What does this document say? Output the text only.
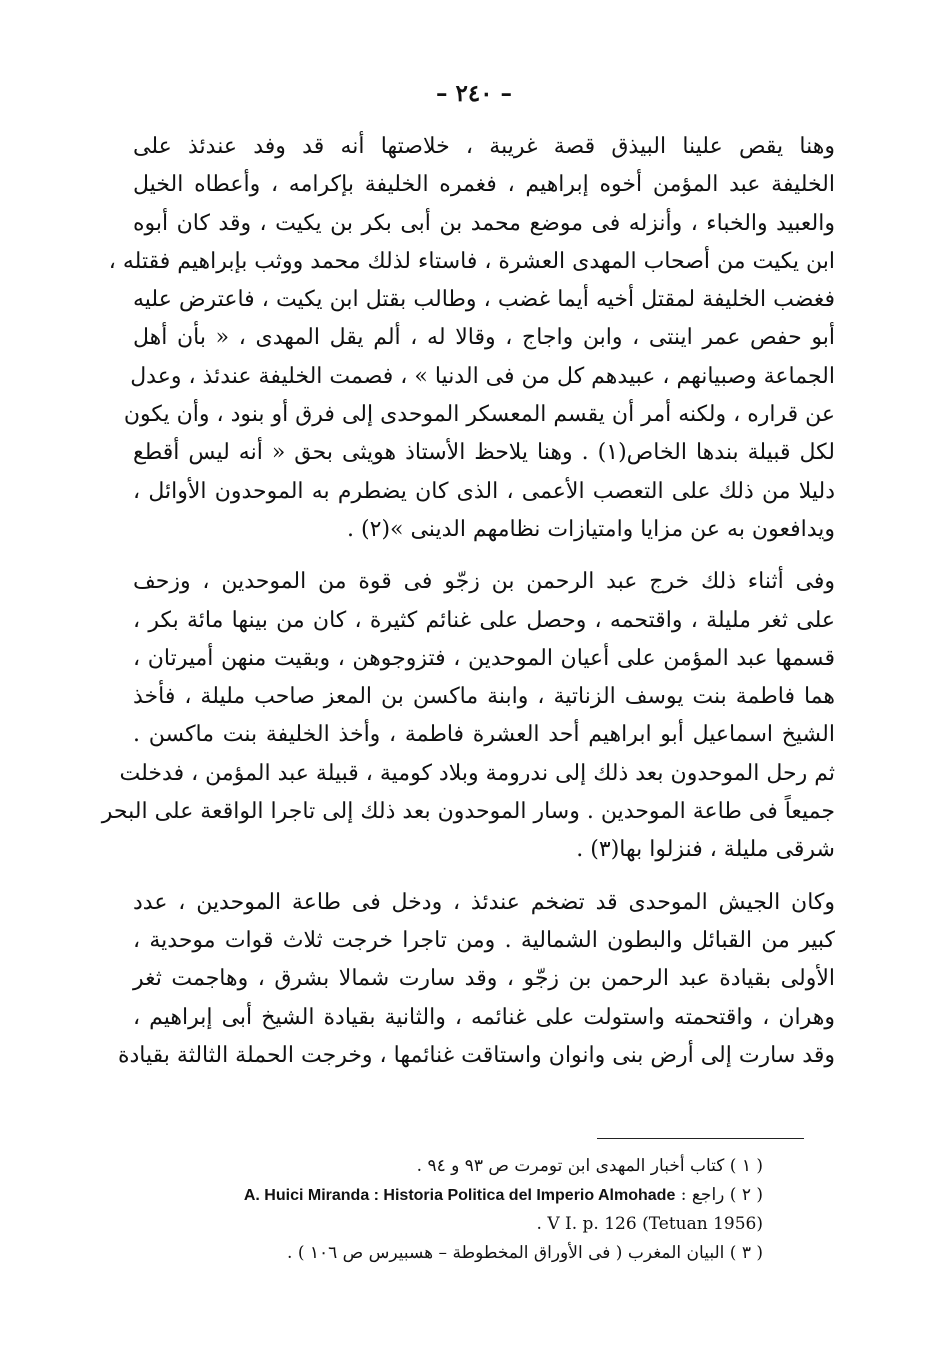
– ٢٤٠ –
وهنا يقص علينا البيذق قصة غريبة ، خلاصتها أنه قد وفد عندئذ على
الخليفة عبد المؤمن أخوه إبراهيم ، فغمره الخليفة بإكرامه ، وأعطاه الخيل
والعبيد والخباء ، وأنزله فى موضع محمد بن أبى بكر بن يكيت ، وقد كان أبوه
ابن يكيت من أصحاب المهدى العشرة ، فاستاء لذلك محمد ووثب بإبراهيم فقتله ،
فغضب الخليفة لمقتل أخيه أيما غضب ، وطالب بقتل ابن يكيت ، فاعترض عليه
أبو حفص عمر اينتى ، وابن واجاج ، وقالا له ، ألم يقل المهدى ، « بأن أهل
الجماعة وصبيانهم ، عبيدهم كل من فى الدنيا » ، فصمت الخليفة عندئذ ، وعدل
عن قراره ، ولكنه أمر أن يقسم المعسكر الموحدى إلى فرق أو بنود ، وأن يكون
لكل قبيلة بندها الخاص(١) . وهنا يلاحظ الأستاذ هويثى بحق « أنه ليس أقطع
دليلا من ذلك على التعصب الأعمى ، الذى كان يضطرم به الموحدون الأوائل ،
ويدافعون به عن مزايا وامتيازات نظامهم الدينى »(٢) .
وفى أثناء ذلك خرج عبد الرحمن بن زجّو فى قوة من الموحدين ، وزحف
على ثغر مليلة ، واقتحمه ، وحصل على غنائم كثيرة ، كان من بينها مائة بكر ،
قسمها عبد المؤمن على أعيان الموحدين ، فتزوجوهن ، وبقيت منهن أميرتان ،
هما فاطمة بنت يوسف الزناتية ، وابنة ماكسن بن المعز صاحب مليلة ، فأخذ
الشيخ اسماعيل أبو ابراهيم أحد العشرة فاطمة ، وأخذ الخليفة بنت ماكسن .
ثم رحل الموحدون بعد ذلك إلى ندرومة وبلاد كومية ، قبيلة عبد المؤمن ، فدخلت
جميعاً فى طاعة الموحدين . وسار الموحدون بعد ذلك إلى تاجرا الواقعة على البحر
شرقى مليلة ، فنزلوا بها(٣) .
وكان الجيش الموحدى قد تضخم عندئذ ، ودخل فى طاعة الموحدين ، عدد
كبير من القبائل والبطون الشمالية . ومن تاجرا خرجت ثلاث قوات موحدية ،
الأولى بقيادة عبد الرحمن بن زجّو ، وقد سارت شمالا بشرق ، وهاجمت ثغر
وهران ، واقتحمته واستولت على غنائمه ، والثانية بقيادة الشيخ أبى إبراهيم ،
وقد سارت إلى أرض بنى وانوان واستاقت غنائمها ، وخرجت الحملة الثالثة بقيادة
( ١ ) كتاب أخبار المهدى ابن تومرت ص ٩٣ و ٩٤ .
( ٢ ) راجع : A. Huici Miranda : Historia Politica del Imperio Almohade
(Tetuan 1956) V I. p. 126 .
( ٣ ) البيان المغرب ( فى الأوراق المخطوطة – هسبيرس ص ١٠٦ ) .
